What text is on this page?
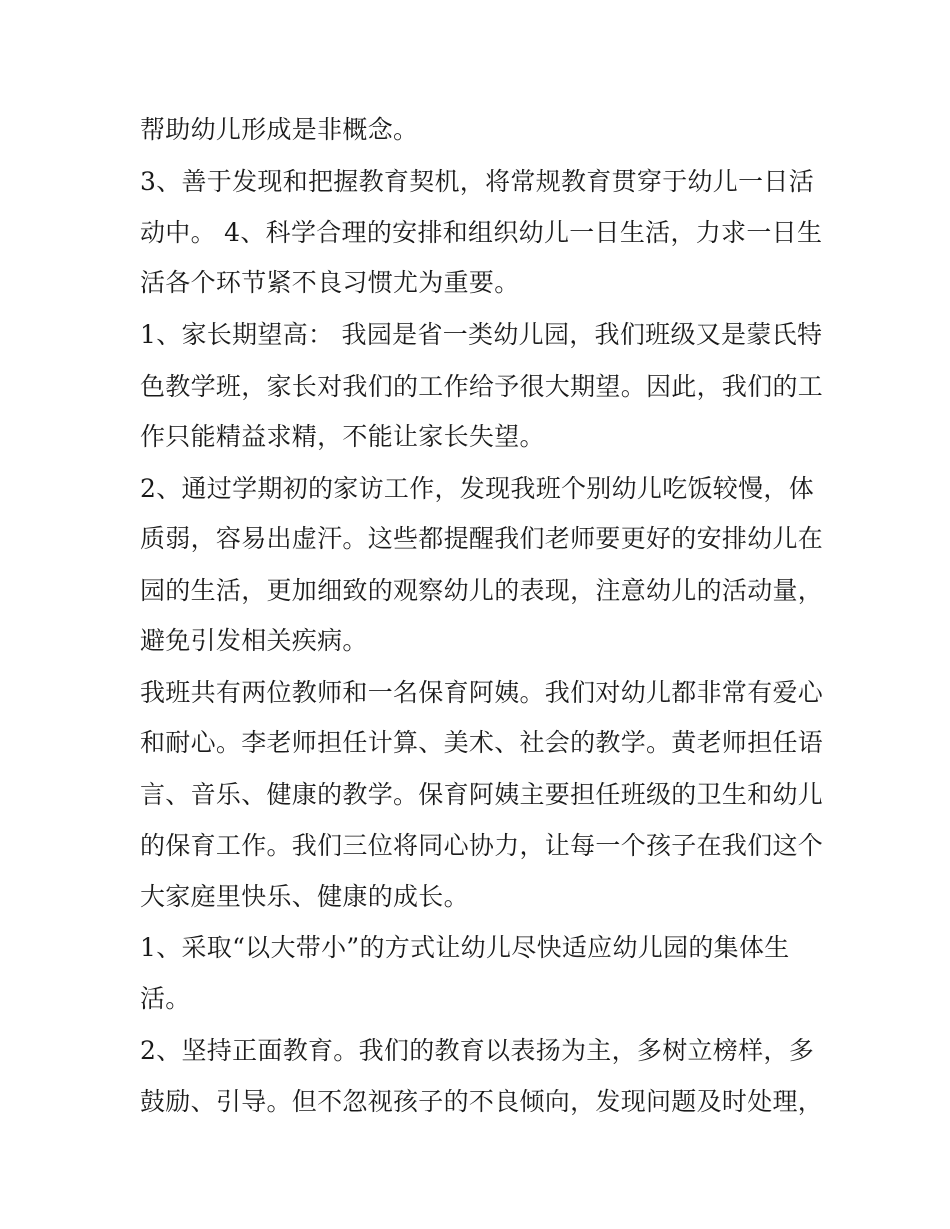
帮助幼儿形成是非概念。
3、善于发现和把握教育契机，将常规教育贯穿于幼儿一日活
动中。 4、科学合理的安排和组织幼儿一日生活，力求一日生
活各个环节紧不良习惯尤为重要。
1、家长期望高： 我园是省一类幼儿园，我们班级又是蒙氏特
色教学班，家长对我们的工作给予很大期望。因此，我们的工
作只能精益求精，不能让家长失望。
2、通过学期初的家访工作，发现我班个别幼儿吃饭较慢，体
质弱，容易出虚汗。这些都提醒我们老师要更好的安排幼儿在
园的生活，更加细致的观察幼儿的表现，注意幼儿的活动量，
避免引发相关疾病。
我班共有两位教师和一名保育阿姨。我们对幼儿都非常有爱心
和耐心。李老师担任计算、美术、社会的教学。黄老师担任语
言、音乐、健康的教学。保育阿姨主要担任班级的卫生和幼儿
的保育工作。我们三位将同心协力，让每一个孩子在我们这个
大家庭里快乐、健康的成长。
1、采取“以大带小”的方式让幼儿尽快适应幼儿园的集体生
活。
2、坚持正面教育。我们的教育以表扬为主，多树立榜样，多
鼓励、引导。但不忽视孩子的不良倾向，发现问题及时处理，
